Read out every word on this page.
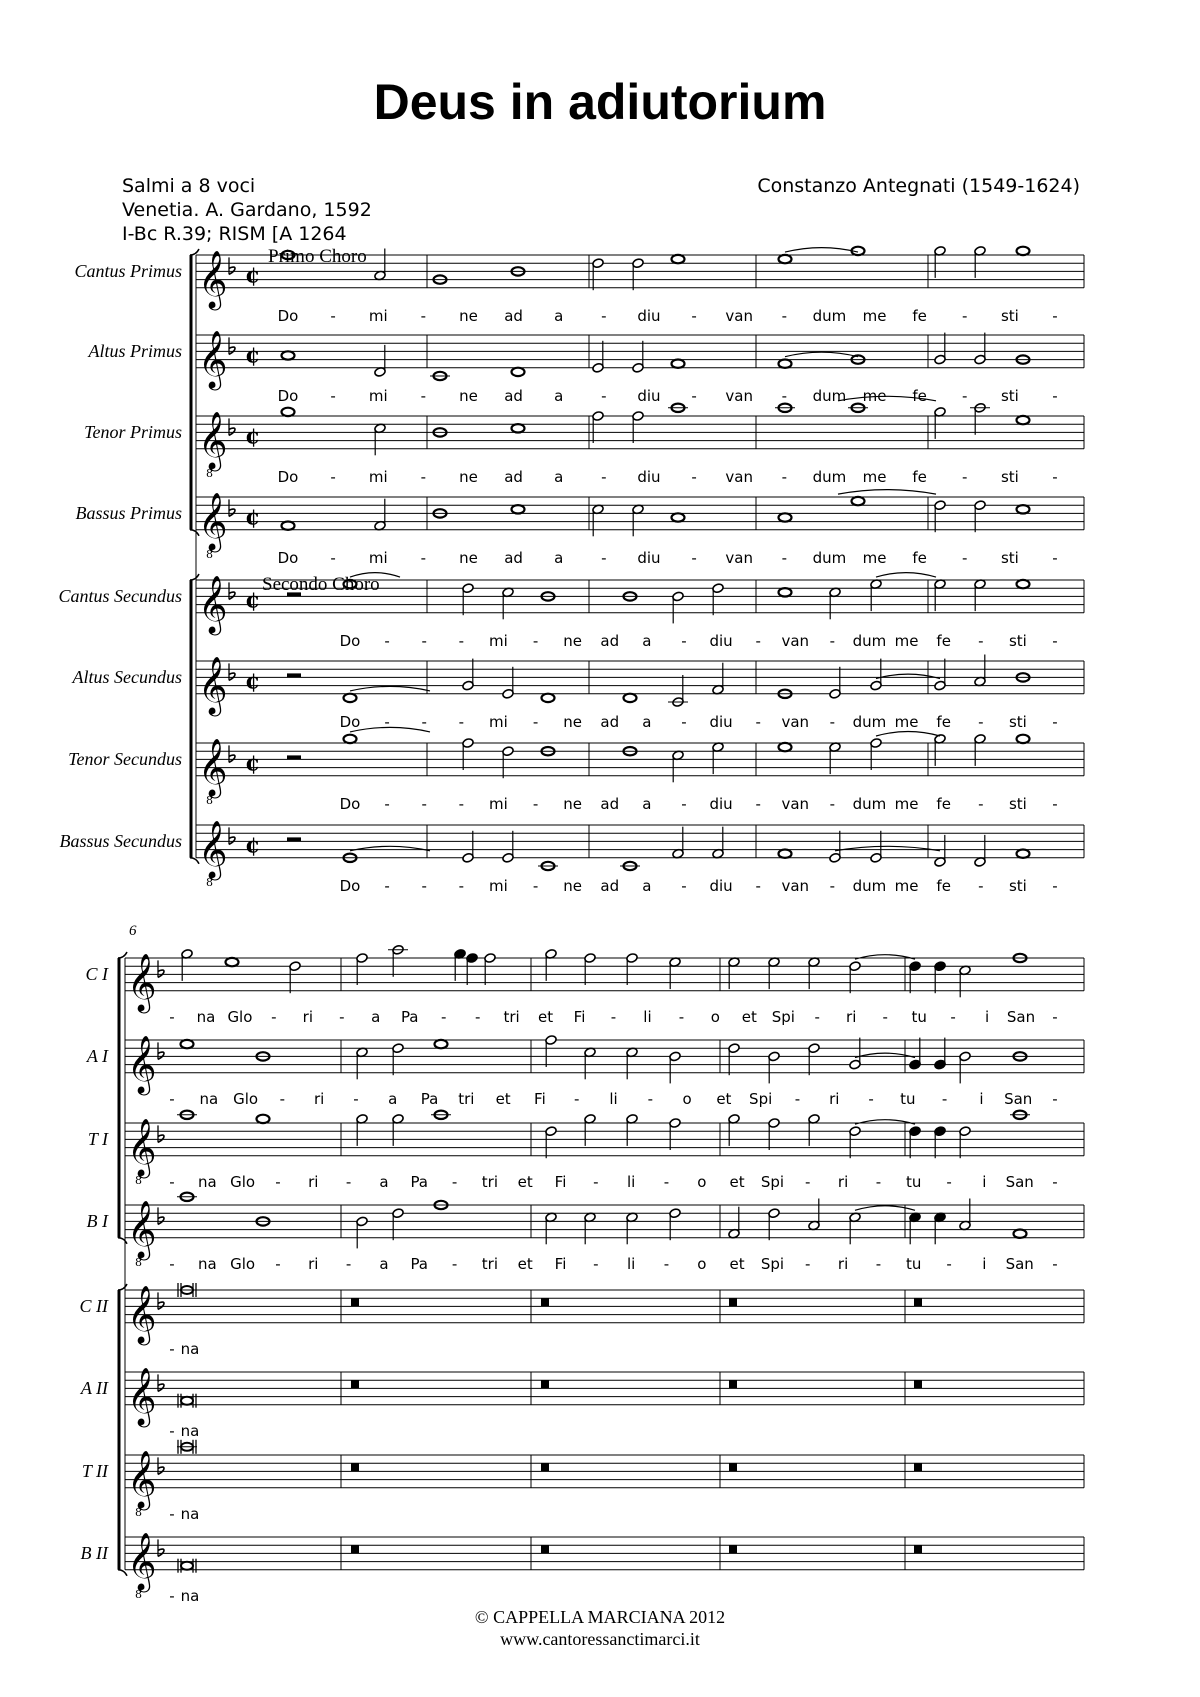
Deus in adiutorium
Salmi a 8 voci
Venetia. A. Gardano, 1592
I-Bc R.39; RISM [A 1264
Constanzo Antegnati (1549-1624)
𝄞 ¢
Cantus Primus
Do - mi - ne ad a	- diu - van - dum me fe - sti -
𝄞 ¢
Altus Primus
Do - mi - ne ad a	- diu - van - dum me fe - sti -
𝄞
8
¢
Tenor Primus
Do - mi - ne ad a	- diu - van - dum me fe - sti -
𝄞
8
¢
Bassus Primus
Do - mi - ne ad a	- diu - van - dum me fe - sti -
𝄞 ¢
Cantus Secundus
Do - - - mi - ne ad a - diu - van - dum me fe - sti -
𝄞 ¢
Altus Secundus
Do - - - mi - ne ad a - diu - van - dum me fe - sti -
𝄞
8
¢
Tenor Secundus
Do - - - mi - ne ad a - diu - van - dum me fe - sti -
𝄞
8
¢
Bassus Secundus
Do - - - mi - ne ad a - diu - van - dum me fe - sti -
Primo Choro
Secondo Choro
6
𝄞
C I
- na Glo - ri - a Pa - - tri et Fi - li - o et Spi - ri - tu - i San -
𝄞
A I
- na Glo - ri - a Pa tri et Fi - li - o et Spi - ri - tu - i San -
𝄞
8
T I
- na Glo - ri - a Pa - tri et Fi - li - o et Spi - ri - tu - i San -
𝄞
8
B I
- na Glo - ri - a Pa - tri et Fi - li - o et Spi - ri - tu - i San -
𝄞
C II
- na
𝄞
A II
- na
𝄞
8
T II
- na
𝄞
8
B II
- na
© CAPPELLA MARCIANA 2012
www.cantoressanctimarci.it
